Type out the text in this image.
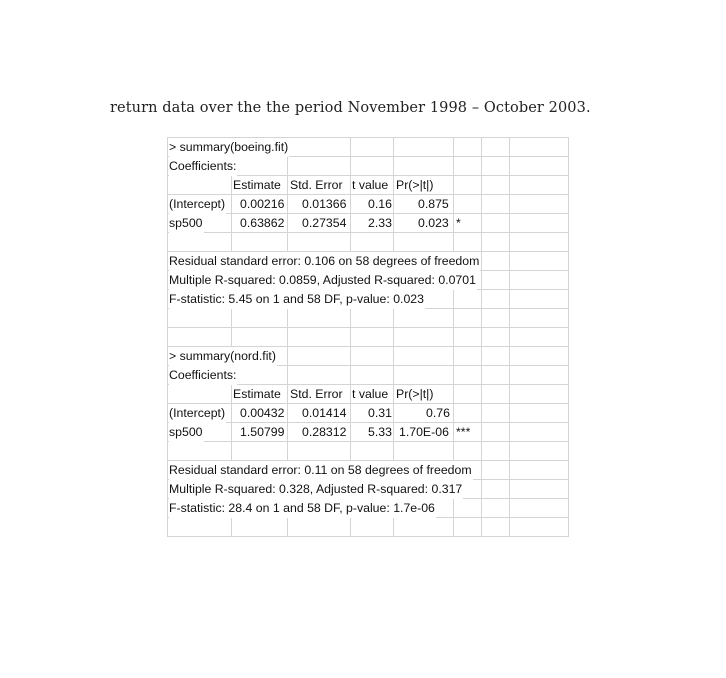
return data over the the period November 1998 – October 2003.
> summary(boeing.fit)
Coefficients:
Estimate Std. Error t value Pr(>|t|)
(Intercept) 0.00216 0.01366 0.16 0.875
sp500	0.63862 0.27354 2.33 0.023 *
Residual standard error: 0.106 on 58 degrees of freedom
Multiple R-squared: 0.0859, Adjusted R-squared: 0.0701
F-statistic: 5.45 on 1 and 58 DF, p-value: 0.023
> summary(nord.fit)
Coefficients:
Estimate Std. Error t value Pr(>|t|)
(Intercept) 0.00432 0.01414 0.31	0.76
sp500	1.50799 0.28312 5.33 1.70E-06 ***
Residual standard error: 0.11 on 58 degrees of freedom
Multiple R-squared: 0.328, Adjusted R-squared: 0.317
F-statistic: 28.4 on 1 and 58 DF, p-value: 1.7e-06
